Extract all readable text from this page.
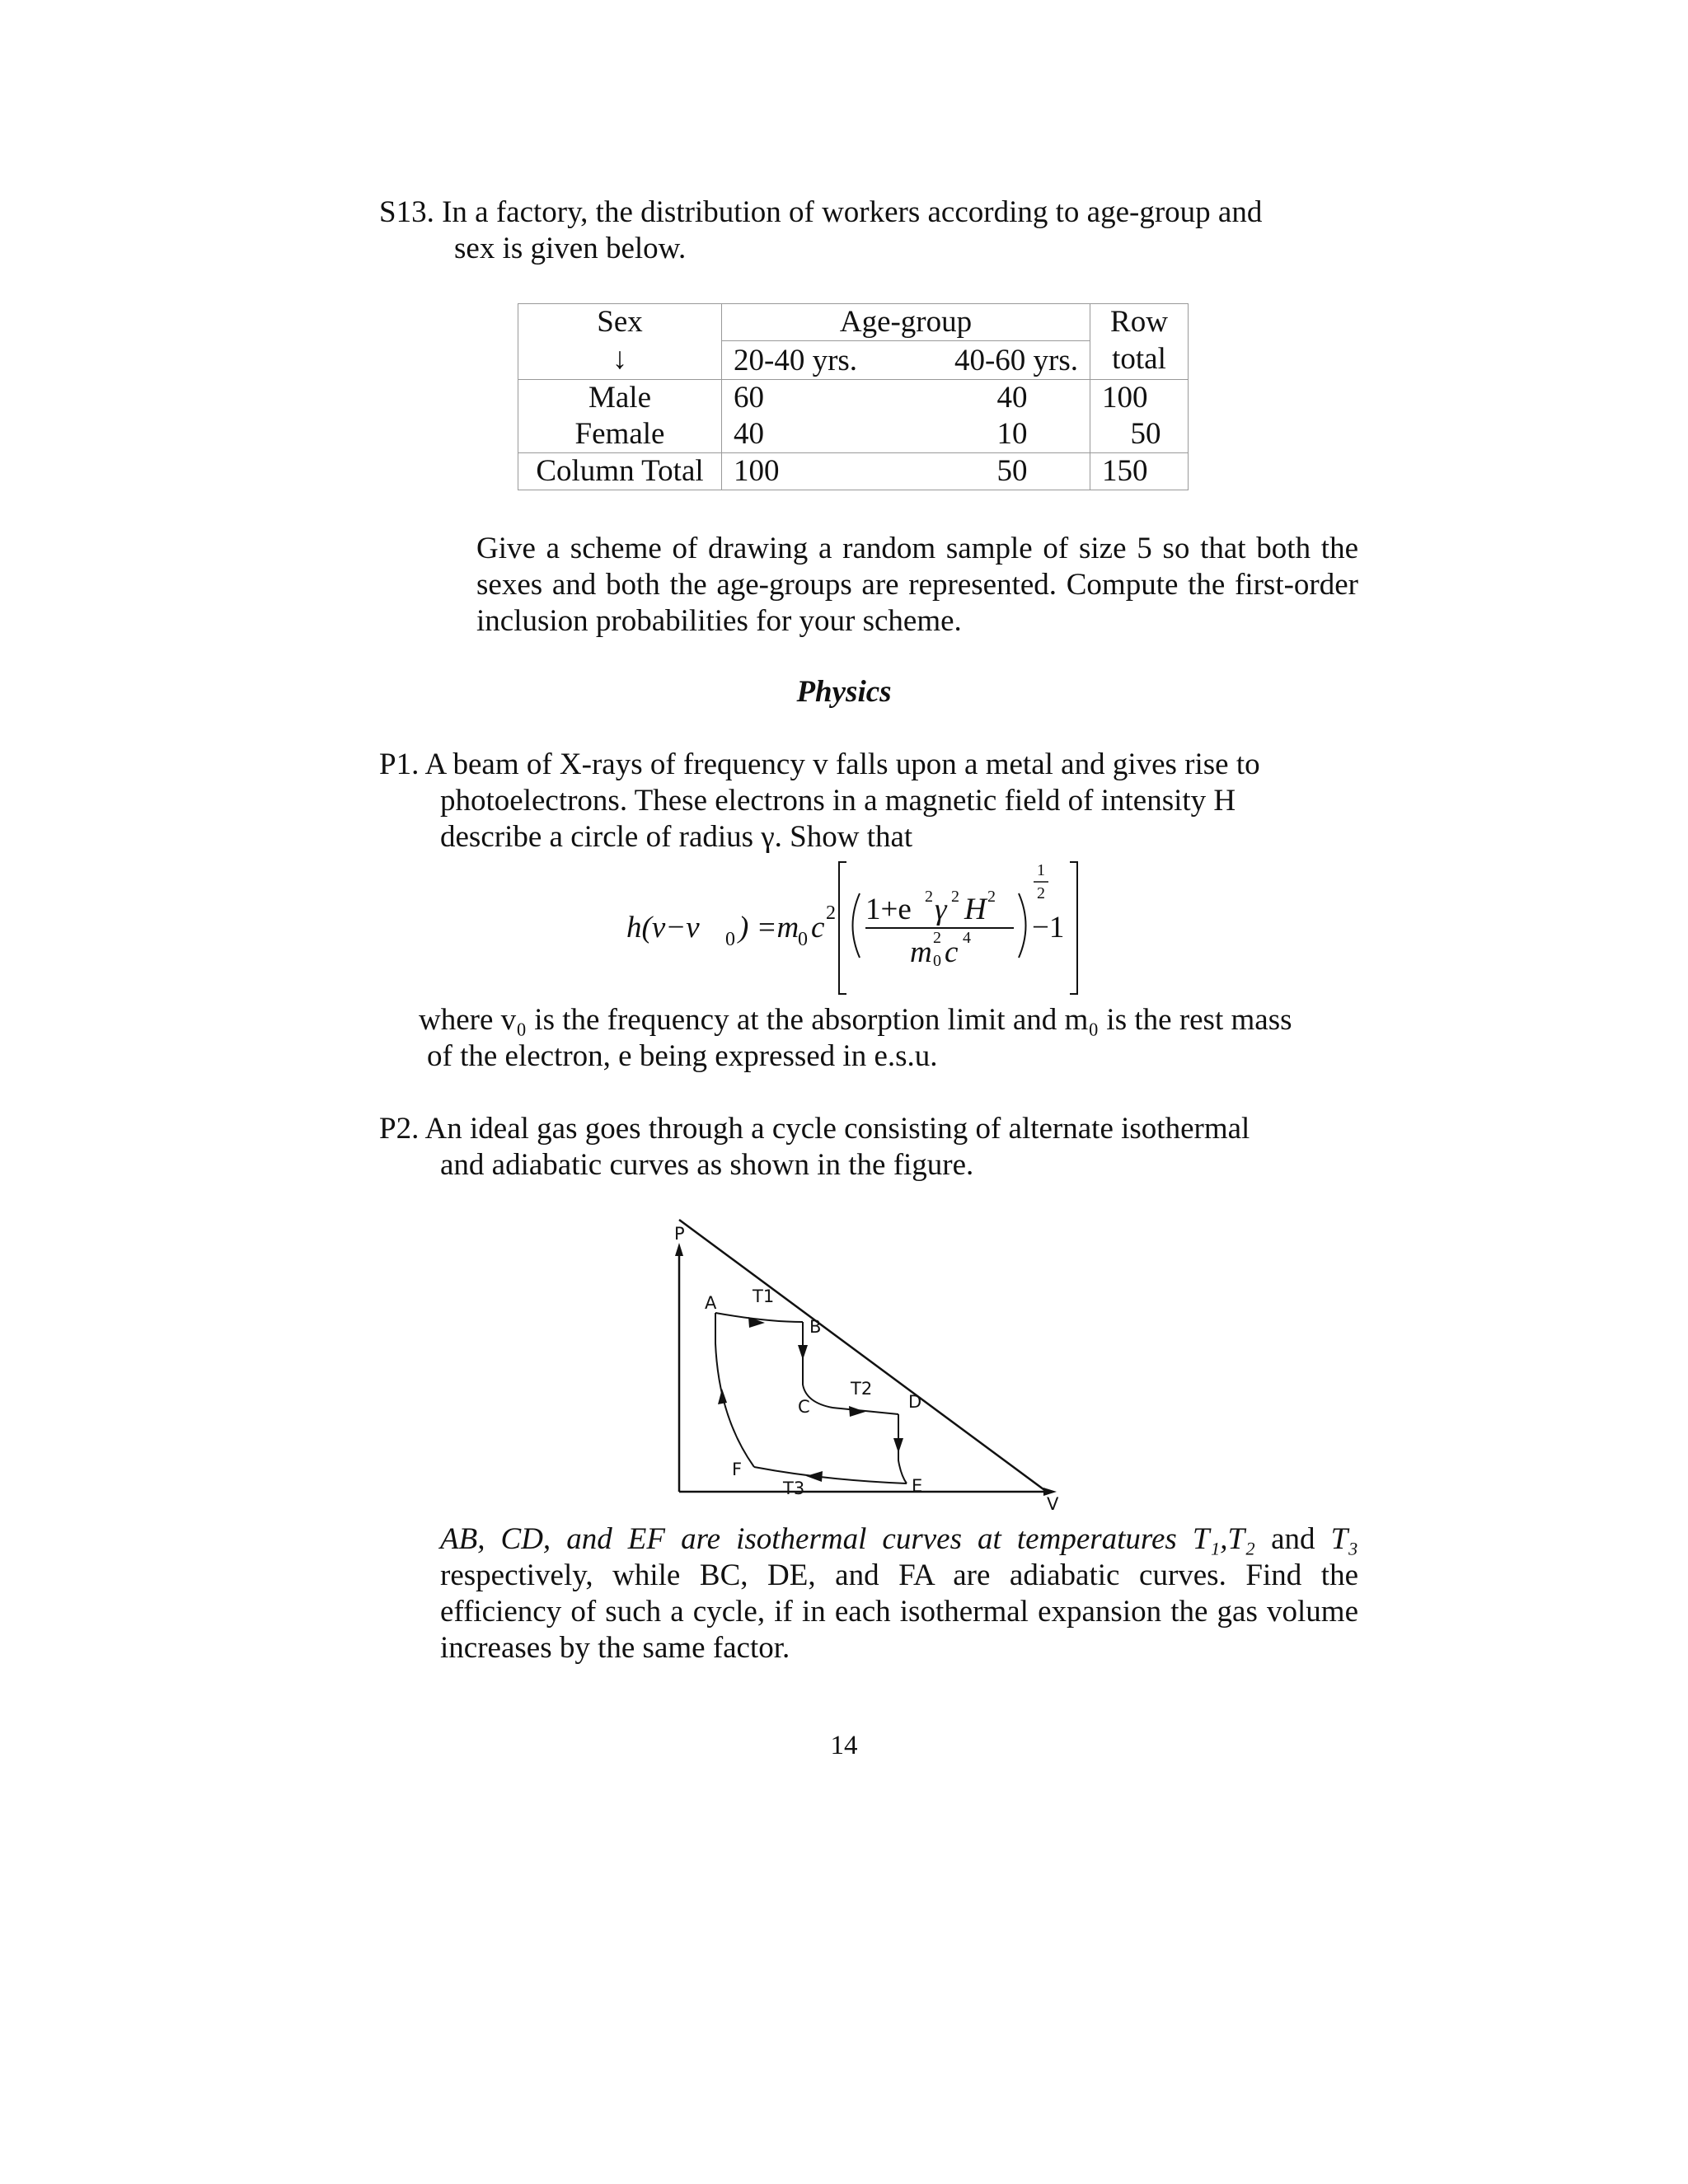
S13. In a factory, the distribution of workers according to age-group and
sex is given below.
Sex	Age-group		Row
↓	20-40 yrs.	40-60 yrs.	total
Male	60	40	100
Female	40	10	50
Column Total	100	50	150
Give a scheme of drawing a random sample of size 5 so that both the sexes and both the age-groups are represented. Compute the first-order inclusion probabilities for your scheme.
Physics
P1. A beam of X-rays of frequency v falls upon a metal and gives rise to
photoelectrons. These electrons in a magnetic field of intensity H
describe a circle of radius γ. Show that
h(v−v 0 ) =m
0 c 2 1+e 2 γ 2 H 2
m 2
0 c 4
1
2
−1
where v₀ is the frequency at the absorption limit and m₀ is the rest mass
of the electron, e being expressed in e.s.u.
P2. An ideal gas goes through a cycle consisting of alternate isothermal
and adiabatic curves as shown in the figure.
P
V
A
B
C	D
E
F
T1
T2
T3
AB, CD, and EF are isothermal curves at temperatures T₁,T₂ and T₃ respectively, while BC, DE, and FA are adiabatic curves. Find the efficiency of such a cycle, if in each isothermal expansion the gas volume increases by the same factor.
14
